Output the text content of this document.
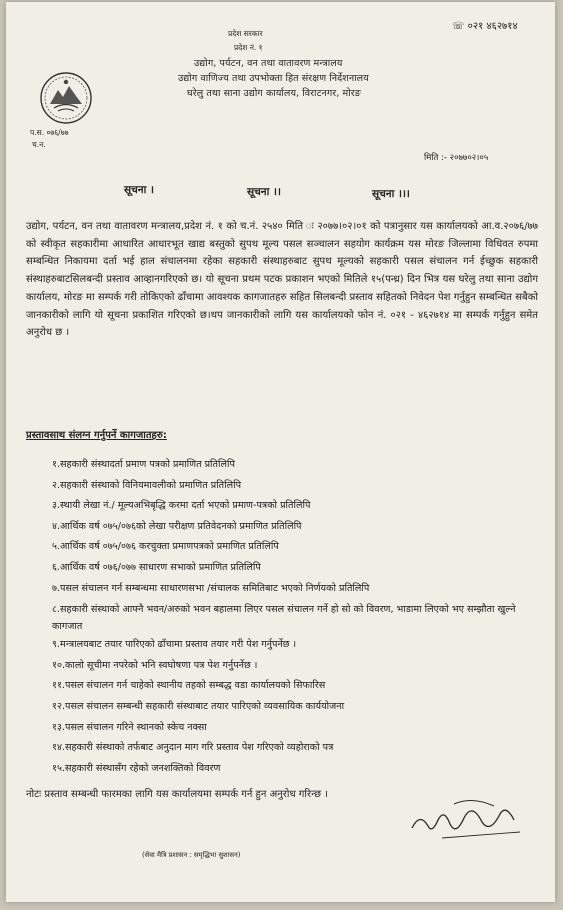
प्रदेश सरकार
प्रदेश नं. १
उद्योग, पर्यटन, वन तथा वातावरण मन्त्रालय
उद्योग वाणिज्य तथा उपभोक्ता हित संरक्षण निर्देशनालय
घरेलु तथा साना उद्योग कार्यालय, विराटनगर, मोरङ
☏ ०२१ ४६२७१४
प.स. ०७६/७७
च.न.
मिति :- २०७७०२।०५
सूचना ।	सूचना ।।	सूचना ।।।
उद्योग, पर्यटन, वन तथा वातावरण मन्त्रालय,प्रदेश नं. १ को च.नं. २५४० मिति ः २०७७।०२।०१ को पत्रानुसार यस कार्यालयको आ.व.२०७६/७७ को स्वीकृत सहकारीमा आधारित आधारभूत खाद्य बस्तुको सुपथ मूल्य पसल सञ्चालन सहयोग कार्यक्रम यस मोरङ जिल्लामा विधिवत रुपमा सम्बन्धित निकायमा दर्ता भई हाल संचालनमा रहेका सहकारी संस्थाहरुबाट सुपथ मूल्यको सहकारी पसल संचालन गर्न ईच्छुक सहकारी संस्थाहरुबाटसिलबन्दी प्रस्ताव आव्हानगरिएको छ। यो सूचना प्रथम पटक प्रकाशन भएको मितिले १५(पन्ध्र) दिन भित्र यस घरेलु तथा साना उद्योग कार्यालय, मोरङ मा सम्पर्क गरी तोकिएको ढाँचामा आवश्यक कागजातहरु सहित सिलबन्दी प्रस्ताव सहितको निवेदन पेश गर्नुहुन सम्बन्धित सबैको जानकारीको लागि यो सूचना प्रकाशित गरिएको छ।थप जानकारीको लागि यस कार्यालयको फोन नं. ०२१ - ४६२७१४ मा सम्पर्क गर्नुहुन समेत अनुरोध छ ।
प्रस्तावसाथ संलग्न गर्नुपर्ने कागजातहरु:
१.सहकारी संस्थादर्ता प्रमाण पत्रको प्रमाणित प्रतिलिपि
२.सहकारी संस्थाको विनियमावलीको प्रमाणित प्रतिलिपि
३.स्थायी लेखा नं./ मूल्यअभिबृद्धि करमा दर्ता भएको प्रमाण-पत्रको प्रतिलिपि
४.आर्थिक वर्ष ०७५/०७६को लेखा परीक्षण प्रतिवेदनको प्रमाणित प्रतिलिपि
५.आर्थिक वर्ष ०७५/०७६ करचुक्ता प्रमाणपत्रको प्रमाणित प्रतिलिपि
६.आर्थिक वर्ष ०७६/०७७ साधारण सभाको प्रमाणित प्रतिलिपि
७.पसल संचालन गर्न सम्बन्धमा साधारणसभा /संचालक समितिबाट भएको निर्णयको प्रतिलिपि
८.सहकारी संस्थाको आफ्नै भवन/अरुको भवन बहालमा लिएर पसल संचालन गर्ने हो सो को विवरण, भाडामा लिएको भए सम्झौता खुल्ने कागजात
९.मन्त्रालयबाट तयार पारिएको ढाँचामा प्रस्ताव तयार गरी पेश गर्नुपर्नेछ ।
१०.कालो सूचीमा नपरेको भनि स्वघोषणा पत्र पेश गर्नुपर्नेछ ।
११.पसल संचालन गर्न चाहेको स्थानीय तहको सम्बद्ध वडा कार्यालयको सिफारिस
१२.पसल संचालन सम्बन्धी सहकारी संस्थाबाट तयार पारिएको व्यवसायिक कार्ययोजना
१३.पसल संचालन गरिने स्थानको स्केच नक्सा
१४.सहकारी संस्थाको तर्फबाट अनुदान माग गरि प्रस्ताव पेश गरिएको व्यहोराको पत्र
१५.सहकारी संस्थासँग रहेको जनशक्तिको विवरण
नोटः प्रस्ताव सम्बन्धी फारमका लागि यस कार्यालयमा सम्पर्क गर्न हुन अनुरोध गरिन्छ ।
(सेवा मैत्रि प्रशासन : समृद्धिभा सुशासन)
